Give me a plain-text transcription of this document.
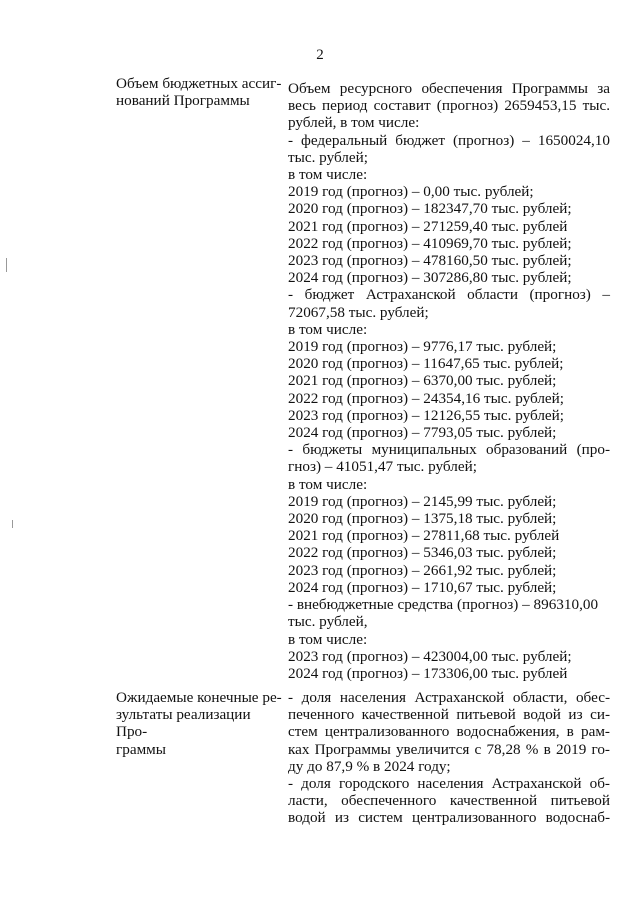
2
Объем бюджетных ассиг-
нований Программы
Объем ресурсного обеспечения Программы за
весь период составит (прогноз) 2659453,15 тыс.
рублей, в том числе:
- федеральный бюджет (прогноз) – 1650024,10
тыс. рублей;
в том числе:
2019 год (прогноз) – 0,00 тыс. рублей;
2020 год (прогноз) – 182347,70 тыс. рублей;
2021 год (прогноз) – 271259,40 тыс. рублей
2022 год (прогноз) – 410969,70 тыс. рублей;
2023 год (прогноз) – 478160,50 тыс. рублей;
2024 год (прогноз) – 307286,80 тыс. рублей;
- бюджет Астраханской области (прогноз) –
72067,58 тыс. рублей;
в том числе:
2019 год (прогноз) – 9776,17 тыс. рублей;
2020 год (прогноз) – 11647,65 тыс. рублей;
2021 год (прогноз) – 6370,00 тыс. рублей;
2022 год (прогноз) – 24354,16 тыс. рублей;
2023 год (прогноз) – 12126,55 тыс. рублей;
2024 год (прогноз) – 7793,05 тыс. рублей;
- бюджеты муниципальных образований (про-
гноз) – 41051,47 тыс. рублей;
в том числе:
2019 год (прогноз) – 2145,99 тыс. рублей;
2020 год (прогноз) – 1375,18 тыс. рублей;
2021 год (прогноз) – 27811,68 тыс. рублей
2022 год (прогноз) – 5346,03 тыс. рублей;
2023 год (прогноз) – 2661,92 тыс. рублей;
2024 год (прогноз) – 1710,67 тыс. рублей;
- внебюджетные средства (прогноз) – 896310,00
тыс. рублей,
в том числе:
2023 год (прогноз) – 423004,00 тыс. рублей;
2024 год (прогноз) – 173306,00 тыс. рублей
Ожидаемые конечные ре-
зультаты реализации Про-
граммы
- доля населения Астраханской области, обес-
печенного качественной питьевой водой из си-
стем централизованного водоснабжения, в рам-
ках Программы увеличится с 78,28 % в 2019 го-
ду до 87,9 % в 2024 году;
- доля городского населения Астраханской об-
ласти, обеспеченного качественной питьевой
водой из систем централизованного водоснаб-
